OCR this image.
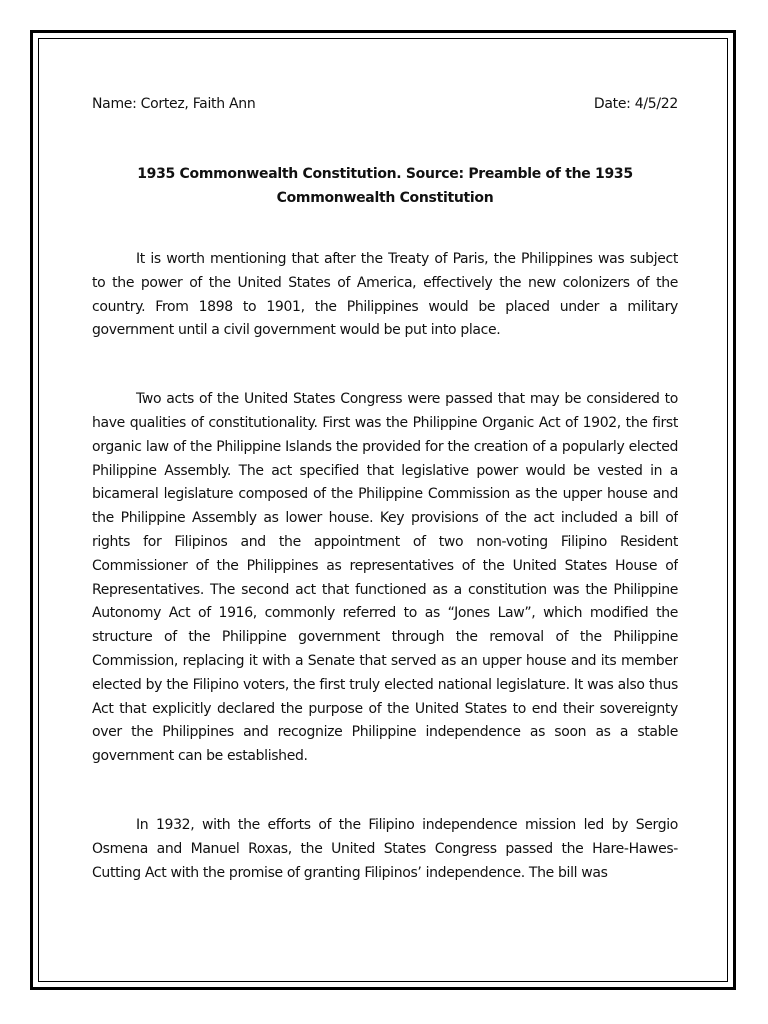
Name: Cortez, Faith Ann	Date: 4/5/22
1935 Commonwealth Constitution. Source: Preamble of the 1935 Commonwealth Constitution

It is worth mentioning that after the Treaty of Paris, the Philippines was subject to the power of the United States of America, effectively the new colonizers of the country. From 1898 to 1901, the Philippines would be placed under a military government until a civil government would be put into place.

Two acts of the United States Congress were passed that may be considered to have qualities of constitutionality. First was the Philippine Organic Act of 1902, the first organic law of the Philippine Islands the provided for the creation of a popularly elected Philippine Assembly. The act specified that legislative power would be vested in a bicameral legislature composed of the Philippine Commission as the upper house and the Philippine Assembly as lower house. Key provisions of the act included a bill of rights for Filipinos and the appointment of two non-voting Filipino Resident Commissioner of the Philippines as representatives of the United States House of Representatives. The second act that functioned as a constitution was the Philippine Autonomy Act of 1916, commonly referred to as “Jones Law”, which modified the structure of the Philippine government through the removal of the Philippine Commission, replacing it with a Senate that served as an upper house and its member elected by the Filipino voters, the first truly elected national legislature. It was also thus Act that explicitly declared the purpose of the United States to end their sovereignty over the Philippines and recognize Philippine independence as soon as a stable government can be established.

In 1932, with the efforts of the Filipino independence mission led by Sergio Osmena and Manuel Roxas, the United States Congress passed the Hare-Hawes-Cutting Act with the promise of granting Filipinos’ independence. The bill was
